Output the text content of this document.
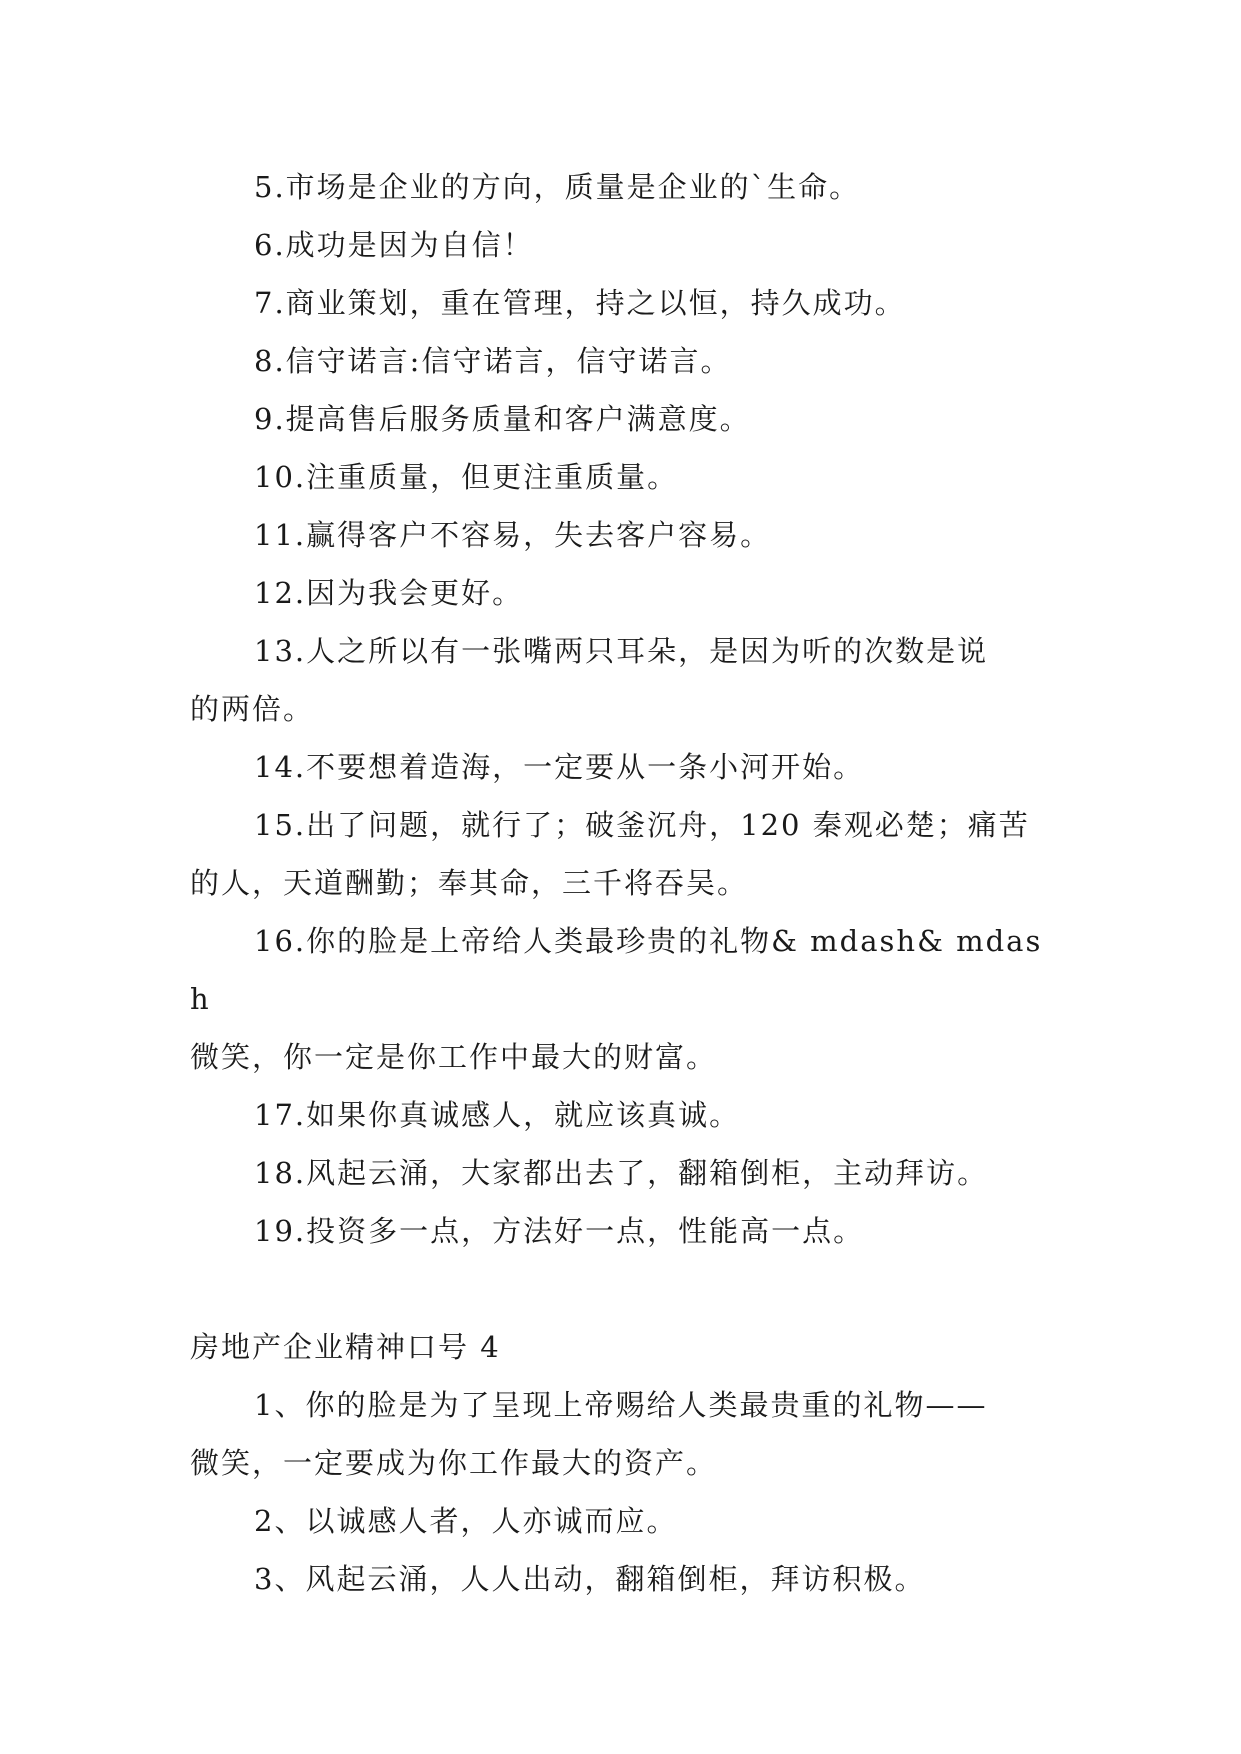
5.市场是企业的方向，质量是企业的`生命。

6.成功是因为自信！

7.商业策划，重在管理，持之以恒，持久成功。

8.信守诺言:信守诺言，信守诺言。

9.提高售后服务质量和客户满意度。

10.注重质量，但更注重质量。

11.赢得客户不容易，失去客户容易。

12.因为我会更好。

13.人之所以有一张嘴两只耳朵，是因为听的次数是说

的两倍。

14.不要想着造海，一定要从一条小河开始。

15.出了问题，就行了；破釜沉舟，120 秦观必楚；痛苦

的人，天道酬勤；奉其命，三千将吞吴。

16.你的脸是上帝给人类最珍贵的礼物& mdash& mdash

微笑，你一定是你工作中最大的财富。

17.如果你真诚感人，就应该真诚。

18.风起云涌，大家都出去了，翻箱倒柜，主动拜访。

19.投资多一点，方法好一点，性能高一点。

房地产企业精神口号 4

1、你的脸是为了呈现上帝赐给人类最贵重的礼物——

微笑，一定要成为你工作最大的资产。

2、以诚感人者，人亦诚而应。

3、风起云涌，人人出动，翻箱倒柜，拜访积极。
